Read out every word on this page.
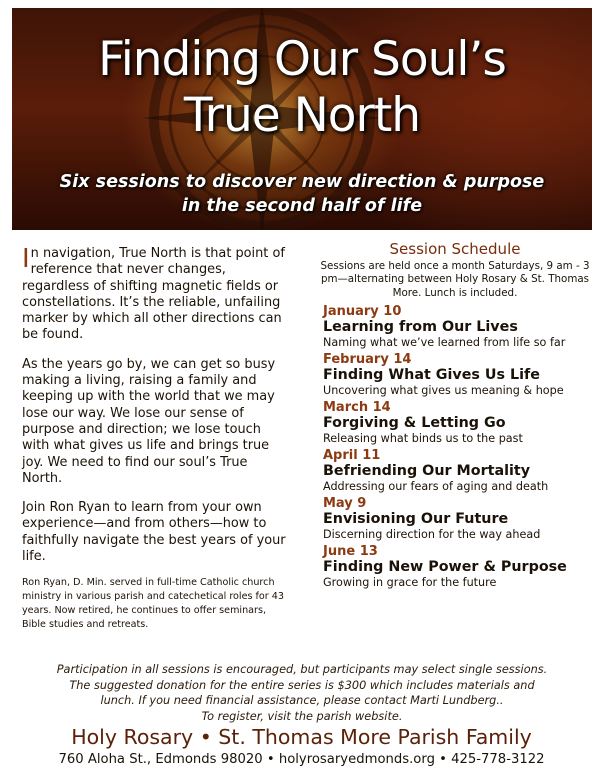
Finding Our Soul’s
True North
Six sessions to discover new direction & purpose
in the second half of life

In navigation, True North is that point of reference that never changes, regardless of shifting magnetic fields or constellations. It’s the reliable, unfailing marker by which all other directions can be found.

As the years go by, we can get so busy making a living, raising a family and keeping up with the world that we may lose our way. We lose our sense of purpose and direction; we lose touch with what gives us life and brings true joy. We need to find our soul’s True North.

Join Ron Ryan to learn from your own experience—and from others—how to faithfully navigate the best years of your life.

Ron Ryan, D. Min. served in full-time Catholic church ministry in various parish and catechetical roles for 43 years. Now retired, he continues to offer seminars, Bible studies and retreats.

Session Schedule
Sessions are held once a month Saturdays, 9 am - 3 pm—alternating between Holy Rosary & St. Thomas More. Lunch is included.
January 10
Learning from Our Lives
Naming what we’ve learned from life so far
February 14
Finding What Gives Us Life
Uncovering what gives us meaning & hope
March 14
Forgiving & Letting Go
Releasing what binds us to the past
April 11
Befriending Our Mortality
Addressing our fears of aging and death
May 9
Envisioning Our Future
Discerning direction for the way ahead
June 13
Finding New Power & Purpose
Growing in grace for the future
Participation in all sessions is encouraged, but participants may select single sessions.
The suggested donation for the entire series is $300 which includes materials and
lunch. If you need financial assistance, please contact Marti Lundberg..
To register, visit the parish website.
Holy Rosary • St. Thomas More Parish Family
760 Aloha St., Edmonds 98020 • holyrosaryedmonds.org • 425-778-3122
